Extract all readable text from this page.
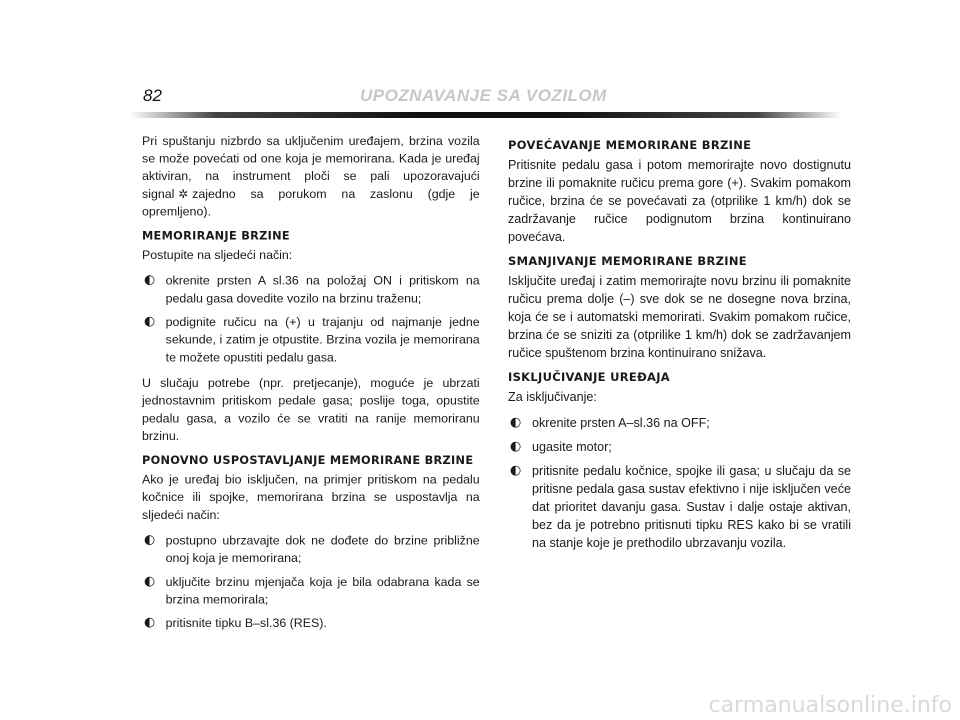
82	UPOZNAVANJE SA VOZILOM

Pri spuštanju nizbrdo sa uključenim uređajem, brzina vozila se može povećati od one koja je memorirana. Kada je uređaj aktiviran, na instrument ploči se pali upozoravajući signal ✲ zajedno sa porukom na zaslonu (gdje je opremljeno).

MEMORIRANJE BRZINE

Postupite na sljedeći način:

◐ okrenite prsten A sl.36 na položaj ON i pritiskom na pedalu gasa dovedite vozilo na brzinu traženu;
◐ podignite ručicu na (+) u trajanju od najmanje jedne sekunde, i zatim je otpustite. Brzina vozila je memorirana te možete opustiti pedalu gasa.

U slučaju potrebe (npr. pretjecanje), moguće je ubrzati jednostavnim pritiskom pedale gasa; poslije toga, opustite pedalu gasa, a vozilo će se vratiti na ranije memoriranu brzinu.

PONOVNO USPOSTAVLJANJE MEMORIRANE BRZINE

Ako je uređaj bio isključen, na primjer pritiskom na pedalu kočnice ili spojke, memorirana brzina se uspostavlja na sljedeći način:

◐ postupno ubrzavajte dok ne dođete do brzine približne onoj koja je memorirana;
◐ uključite brzinu mjenjača koja je bila odabrana kada se brzina memorirala;
◐ pritisnite tipku B–sl.36 (RES).
POVEĆAVANJE MEMORIRANE BRZINE

Pritisnite pedalu gasa i potom memorirajte novo dostignutu brzine ili pomaknite ručicu prema gore (+). Svakim pomakom ručice, brzina će se povećavati za (otprilike 1 km/h) dok se zadržavanje ručice podignutom brzina kontinuirano povećava.

SMANJIVANJE MEMORIRANE BRZINE

Isključite uređaj i zatim memorirajte novu brzinu ili pomaknite ručicu prema dolje (–) sve dok se ne dosegne nova brzina, koja će se i automatski memorirati. Svakim pomakom ručice, brzina će se sniziti za (otprilike 1 km/h) dok se zadržavanjem ručice spuštenom brzina kontinuirano snižava.

ISKLJUČIVANJE UREĐAJA

Za isključivanje:

◐ okrenite prsten A–sl.36 na OFF;
◐ ugasite motor;
◐ pritisnite pedalu kočnice, spojke ili gasa; u slučaju da se pritisne pedala gasa sustav efektivno i nije isključen veće dat prioritet davanju gasa. Sustav i dalje ostaje aktivan, bez da je potrebno pritisnuti tipku RES kako bi se vratili na stanje koje je prethodilo ubrzavanju vozila.
carmanualsonline.info
